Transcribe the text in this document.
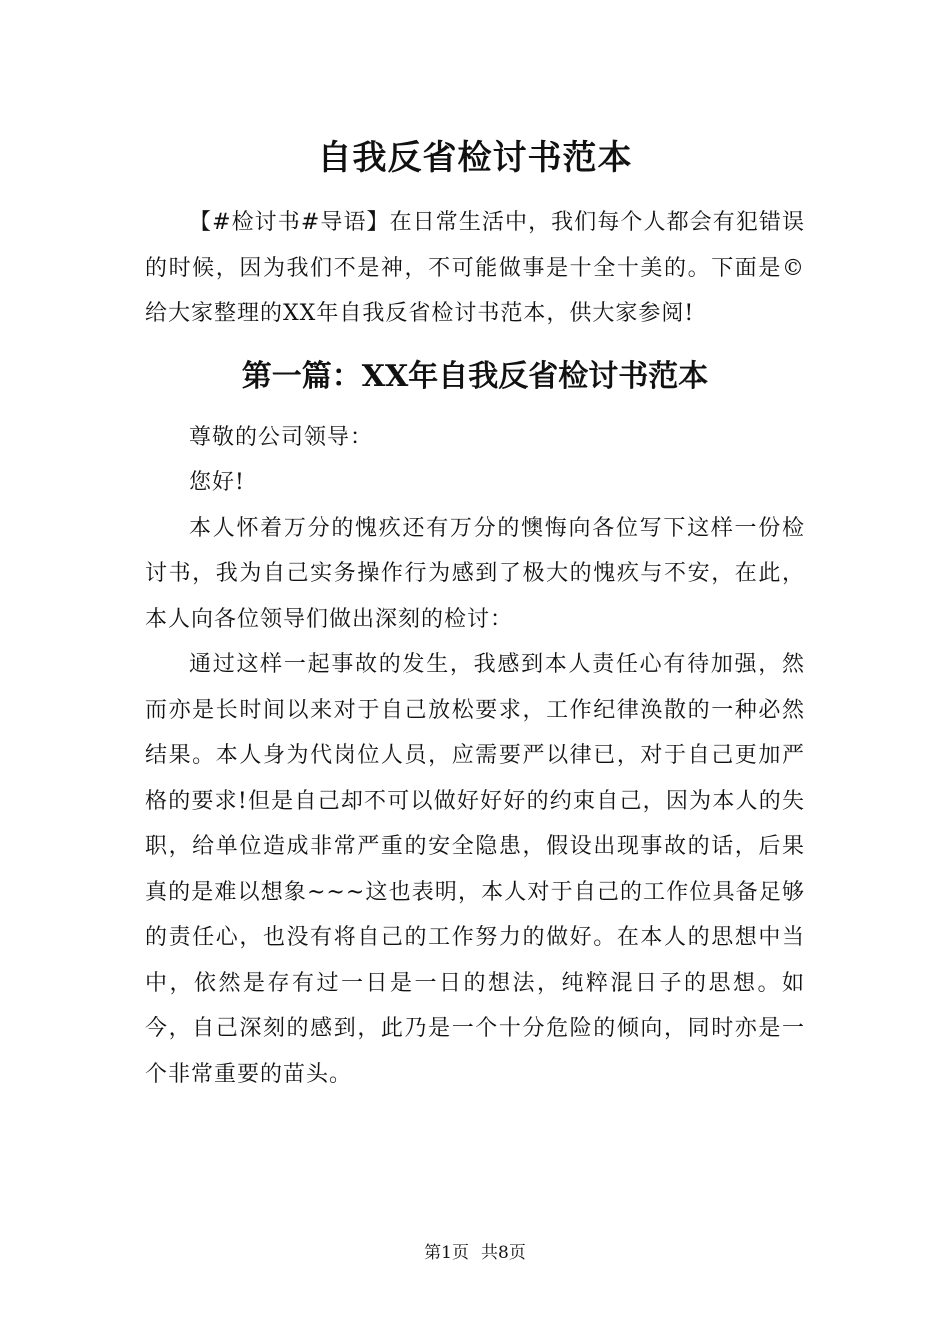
自我反省检讨书范本

【#检讨书#导语】在日常生活中，我们每个人都会有犯错误的时候，因为我们不是神，不可能做事是十全十美的。下面是©给大家整理的XX年自我反省检讨书范本，供大家参阅!

第一篇：XX年自我反省检讨书范本

尊敬的公司领导：

您好!

本人怀着万分的愧疚还有万分的懊悔向各位写下这样一份检讨书，我为自己实务操作行为感到了极大的愧疚与不安，在此，本人向各位领导们做出深刻的检讨：

通过这样一起事故的发生，我感到本人责任心有待加强，然而亦是长时间以来对于自己放松要求，工作纪律涣散的一种必然结果。本人身为代岗位人员，应需要严以律已，对于自己更加严格的要求!但是自己却不可以做好好好的约束自己，因为本人的失职，给单位造成非常严重的安全隐患，假设出现事故的话，后果真的是难以想象~~~这也表明，本人对于自己的工作位具备足够的责任心，也没有将自己的工作努力的做好。在本人的思想中当中，依然是存有过一日是一日的想法，纯粹混日子的思想。如今，自己深刻的感到，此乃是一个十分危险的倾向，同时亦是一个非常重要的苗头。

第1页 共8页
